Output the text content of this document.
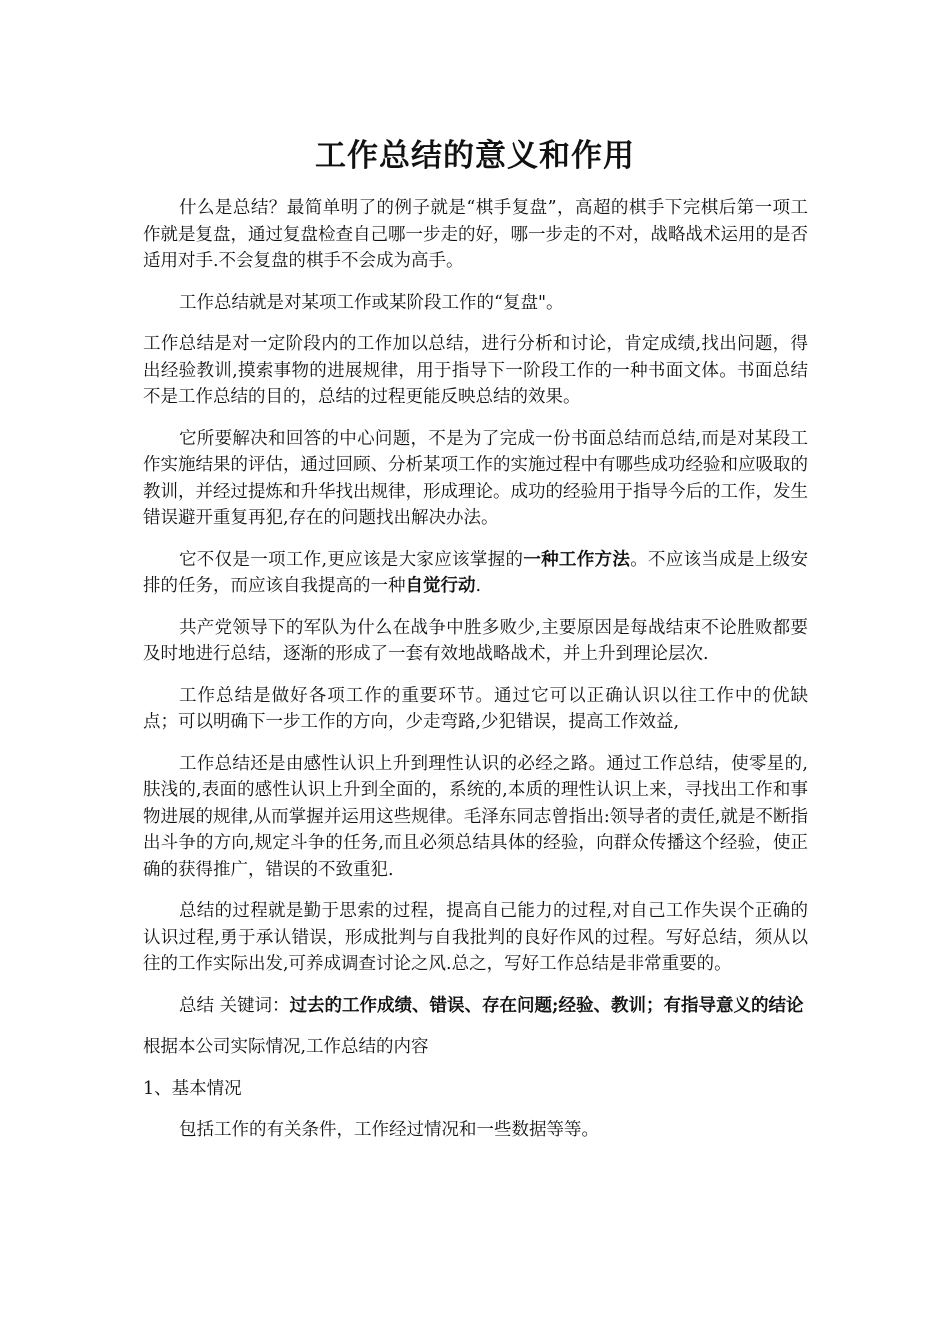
工作总结的意义和作用

什么是总结？最简单明了的例子就是“棋手复盘”，高超的棋手下完棋后第一项工作就是复盘，通过复盘检查自己哪一步走的好，哪一步走的不对，战略战术运用的是否适用对手.不会复盘的棋手不会成为高手。

工作总结就是对某项工作或某阶段工作的“复盘"。

工作总结是对一定阶段内的工作加以总结，进行分析和讨论，肯定成绩,找出问题，得出经验教训,摸索事物的进展规律，用于指导下一阶段工作的一种书面文体。书面总结不是工作总结的目的，总结的过程更能反映总结的效果。

它所要解决和回答的中心问题，不是为了完成一份书面总结而总结,而是对某段工作实施结果的评估，通过回顾、分析某项工作的实施过程中有哪些成功经验和应吸取的教训，并经过提炼和升华找出规律，形成理论。成功的经验用于指导今后的工作，发生错误避开重复再犯,存在的问题找出解决办法。

它不仅是一项工作,更应该是大家应该掌握的一种工作方法。不应该当成是上级安排的任务，而应该自我提高的一种自觉行动.

共产党领导下的军队为什么在战争中胜多败少,主要原因是每战结束不论胜败都要及时地进行总结，逐渐的形成了一套有效地战略战术，并上升到理论层次.

工作总结是做好各项工作的重要环节。通过它可以正确认识以往工作中的优缺点；可以明确下一步工作的方向，少走弯路,少犯错误，提高工作效益,

工作总结还是由感性认识上升到理性认识的必经之路。通过工作总结，使零星的,肤浅的,表面的感性认识上升到全面的，系统的,本质的理性认识上来，寻找出工作和事物进展的规律,从而掌握并运用这些规律。毛泽东同志曾指出:领导者的责任,就是不断指出斗争的方向,规定斗争的任务,而且必须总结具体的经验，向群众传播这个经验，使正确的获得推广，错误的不致重犯.

总结的过程就是勤于思索的过程，提高自己能力的过程,对自己工作失误个正确的认识过程,勇于承认错误，形成批判与自我批判的良好作风的过程。写好总结，须从以往的工作实际出发,可养成调查讨论之风.总之，写好工作总结是非常重要的。

总结 关键词：过去的工作成绩、错误、存在问题;经验、教训；有指导意义的结论

根据本公司实际情况,工作总结的内容

1、基本情况

包括工作的有关条件，工作经过情况和一些数据等等。
